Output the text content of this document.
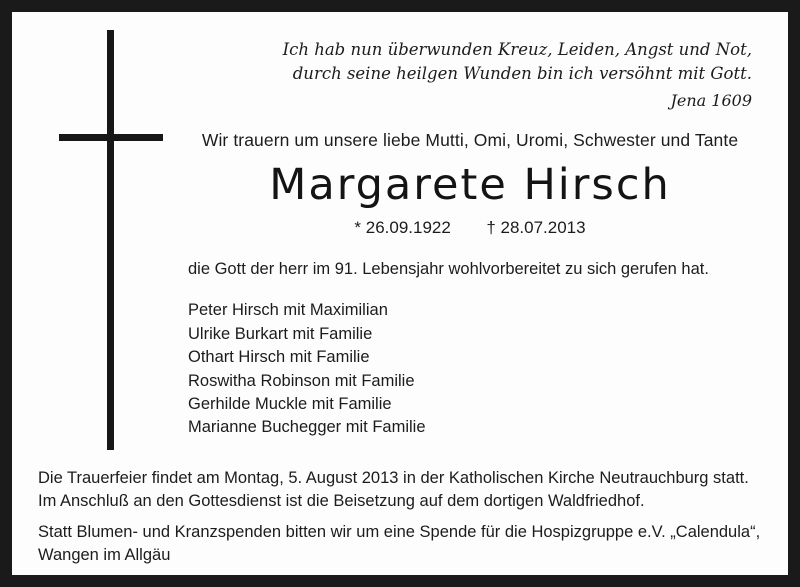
Ich hab nun überwunden Kreuz, Leiden, Angst und Not,
durch seine heilgen Wunden bin ich versöhnt mit Gott.
Jena 1609
Wir trauern um unsere liebe Mutti, Omi, Uromi, Schwester und Tante
Margarete Hirsch
* 26.09.1922 † 28.07.2013
die Gott der herr im 91. Lebensjahr wohlvorbereitet zu sich gerufen hat.
Peter Hirsch mit Maximilian
Ulrike Burkart mit Familie
Othart Hirsch mit Familie
Roswitha Robinson mit Familie
Gerhilde Muckle mit Familie
Marianne Buchegger mit Familie

Die Trauerfeier findet am Montag, 5. August 2013 in der Katholischen Kirche Neutrauchburg statt. Im Anschluß an den Gottesdienst ist die Beisetzung auf dem dortigen Waldfriedhof.

Statt Blumen- und Kranzspenden bitten wir um eine Spende für die Hospizgruppe e.V. „Calendula“, Wangen im Allgäu
